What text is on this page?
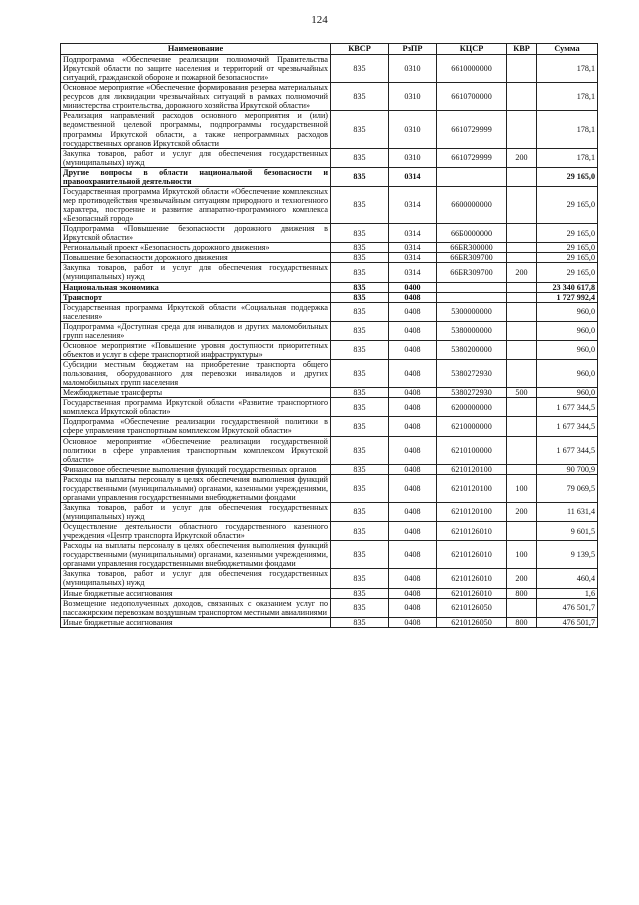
124
Наименование	КВСР	РзПР	КЦСР	КВР	Сумма
Подпрограмма «Обеспечение реализации полномочий Правительства Иркутской области по защите населения и территорий от чрезвычайных ситуаций, гражданской обороне и пожарной безопасности»	835	0310	6610000000		178,1
Основное мероприятие «Обеспечение формирования резерва материальных ресурсов для ликвидации чрезвычайных ситуаций в рамках полномочий министерства строительства, дорожного хозяйства Иркутской области»	835	0310	6610700000		178,1
Реализация направлений расходов основного мероприятия и (или) ведомственной целевой программы, подпрограммы государственной программы Иркутской области, а также непрограммных расходов государственных органов Иркутской области	835	0310	6610729999		178,1
Закупка товаров, работ и услуг для обеспечения государственных (муниципальных) нужд	835	0310	6610729999	200	178,1
Другие вопросы в области национальной безопасности и правоохранительной деятельности	835	0314			29 165,0
Государственная программа Иркутской области «Обеспечение комплексных мер противодействия чрезвычайным ситуациям природного и техногенного характера, построение и развитие аппаратно-программного комплекса «Безопасный город»	835	0314	6600000000		29 165,0
Подпрограмма «Повышение безопасности дорожного движения в Иркутской области»	835	0314	66Б0000000		29 165,0
Региональный проект «Безопасность дорожного движения»	835	0314	66БR300000		29 165,0
Повышение безопасности дорожного движения	835	0314	66БR309700		29 165,0
Закупка товаров, работ и услуг для обеспечения государственных (муниципальных) нужд	835	0314	66БR309700	200	29 165,0
Национальная экономика	835	0400			23 340 617,8
Транспорт	835	0408			1 727 992,4
Государственная программа Иркутской области «Социальная поддержка населения»	835	0408	5300000000		960,0
Подпрограмма «Доступная среда для инвалидов и других маломобильных групп населения»	835	0408	5380000000		960,0
Основное мероприятие «Повышение уровня доступности приоритетных объектов и услуг в сфере транспортной инфраструктуры»	835	0408	5380200000		960,0
Субсидии местным бюджетам на приобретение транспорта общего пользования, оборудованного для перевозки инвалидов и других маломобильных групп населения	835	0408	5380272930		960,0
Межбюджетные трансферты	835	0408	5380272930	500	960,0
Государственная программа Иркутской области «Развитие транспортного комплекса Иркутской области»	835	0408	6200000000		1 677 344,5
Подпрограмма «Обеспечение реализации государственной политики в сфере управления транспортным комплексом Иркутской области»	835	0408	6210000000		1 677 344,5
Основное мероприятие «Обеспечение реализации государственной политики в сфере управления транспортным комплексом Иркутской области»	835	0408	6210100000		1 677 344,5
Финансовое обеспечение выполнения функций государственных органов	835	0408	6210120100		90 700,9
Расходы на выплаты персоналу в целях обеспечения выполнения функций государственными (муниципальными) органами, казенными учреждениями, органами управления государственными внебюджетными фондами	835	0408	6210120100	100	79 069,5
Закупка товаров, работ и услуг для обеспечения государственных (муниципальных) нужд	835	0408	6210120100	200	11 631,4
Осуществление деятельности областного государственного казенного учреждения «Центр транспорта Иркутской области»	835	0408	6210126010		9 601,5
Расходы на выплаты персоналу в целях обеспечения выполнения функций государственными (муниципальными) органами, казенными учреждениями, органами управления государственными внебюджетными фондами	835	0408	6210126010	100	9 139,5
Закупка товаров, работ и услуг для обеспечения государственных (муниципальных) нужд	835	0408	6210126010	200	460,4
Иные бюджетные ассигнования	835	0408	6210126010	800	1,6
Возмещение недополученных доходов, связанных с оказанием услуг по пассажирским перевозкам воздушным транспортом местными авиалиниями	835	0408	6210126050		476 501,7
Иные бюджетные ассигнования	835	0408	6210126050	800	476 501,7
